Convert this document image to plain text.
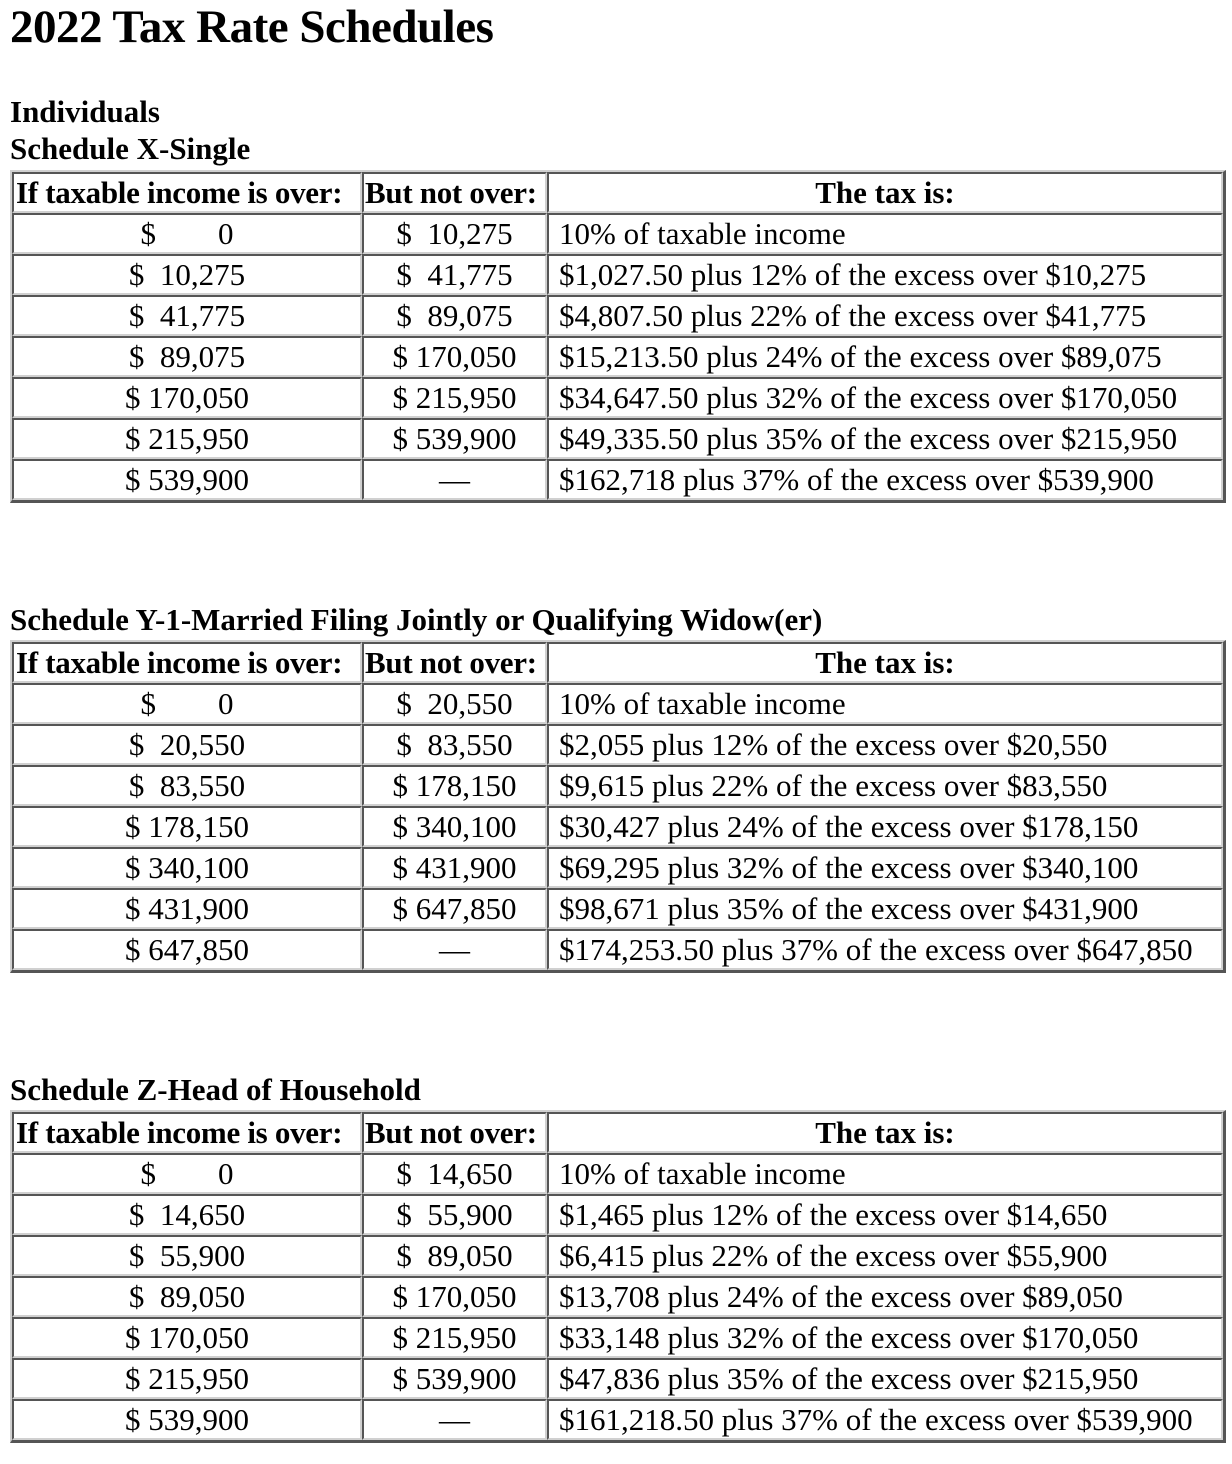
2022 Tax Rate Schedules
Individuals
Schedule X-Single
If taxable income is over:	But not over:	The tax is:
$        0	$  10,275	10% of taxable income
$  10,275	$  41,775	$1,027.50 plus 12% of the excess over $10,275
$  41,775	$  89,075	$4,807.50 plus 22% of the excess over $41,775
$  89,075	$ 170,050	$15,213.50 plus 24% of the excess over $89,075
$ 170,050	$ 215,950	$34,647.50 plus 32% of the excess over $170,050
$ 215,950	$ 539,900	$49,335.50 plus 35% of the excess over $215,950
$ 539,900	—	$162,718 plus 37% of the excess over $539,900
Schedule Y-1-Married Filing Jointly or Qualifying Widow(er)
If taxable income is over:	But not over:	The tax is:
$        0	$  20,550	10% of taxable income
$  20,550	$  83,550	$2,055 plus 12% of the excess over $20,550
$  83,550	$ 178,150	$9,615 plus 22% of the excess over $83,550
$ 178,150	$ 340,100	$30,427 plus 24% of the excess over $178,150
$ 340,100	$ 431,900	$69,295 plus 32% of the excess over $340,100
$ 431,900	$ 647,850	$98,671 plus 35% of the excess over $431,900
$ 647,850	—	$174,253.50 plus 37% of the excess over $647,850
Schedule Z-Head of Household
If taxable income is over:	But not over:	The tax is:
$        0	$  14,650	10% of taxable income
$  14,650	$  55,900	$1,465 plus 12% of the excess over $14,650
$  55,900	$  89,050	$6,415 plus 22% of the excess over $55,900
$  89,050	$ 170,050	$13,708 plus 24% of the excess over $89,050
$ 170,050	$ 215,950	$33,148 plus 32% of the excess over $170,050
$ 215,950	$ 539,900	$47,836 plus 35% of the excess over $215,950
$ 539,900	—	$161,218.50 plus 37% of the excess over $539,900
